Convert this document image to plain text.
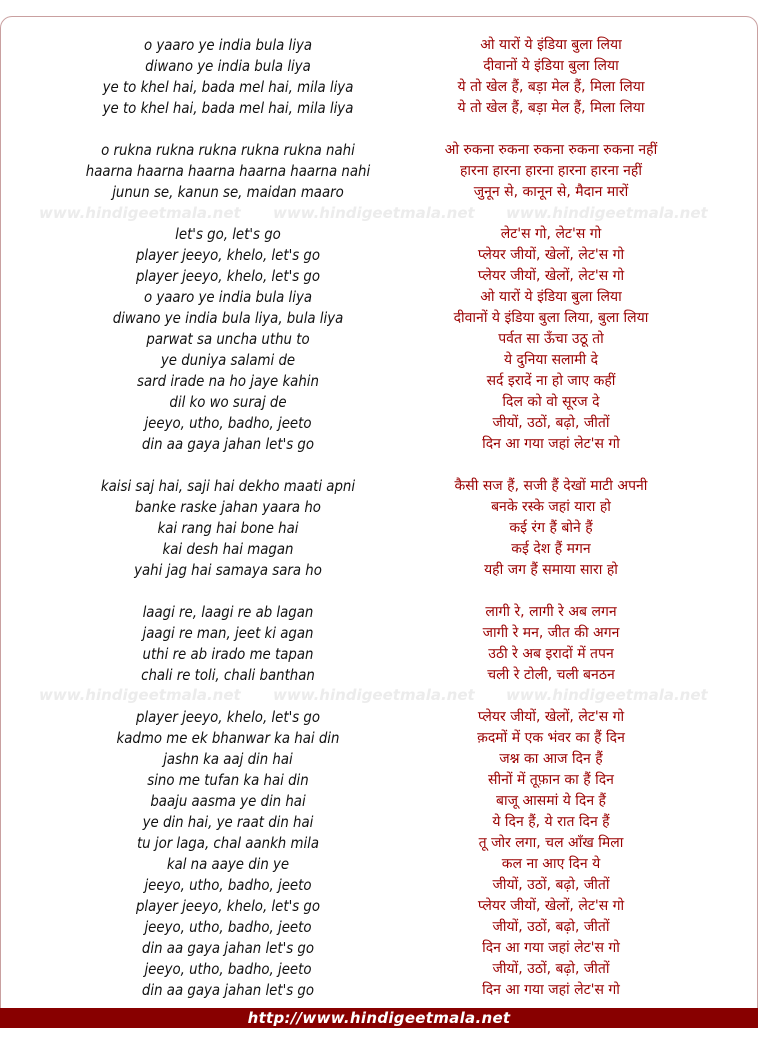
www.hindigeetmala.net www.hindigeetmala.net www.hindigeetmala.net
www.hindigeetmala.net www.hindigeetmala.net www.hindigeetmala.net
o yaaro ye india bula liya
diwano ye india bula liya
ye to khel hai, bada mel hai, mila liya
ye to khel hai, bada mel hai, mila liya
o rukna rukna rukna rukna rukna nahi
haarna haarna haarna haarna haarna nahi
junun se, kanun se, maidan maaro
let's go, let's go
player jeeyo, khelo, let's go
player jeeyo, khelo, let's go
o yaaro ye india bula liya
diwano ye india bula liya, bula liya
parwat sa uncha uthu to
ye duniya salami de
sard irade na ho jaye kahin
dil ko wo suraj de
jeeyo, utho, badho, jeeto
din aa gaya jahan let's go
kaisi saj hai, saji hai dekho maati apni
banke raske jahan yaara ho
kai rang hai bone hai
kai desh hai magan
yahi jag hai samaya sara ho
laagi re, laagi re ab lagan
jaagi re man, jeet ki agan
uthi re ab irado me tapan
chali re toli, chali banthan
player jeeyo, khelo, let's go
kadmo me ek bhanwar ka hai din
jashn ka aaj din hai
sino me tufan ka hai din
baaju aasma ye din hai
ye din hai, ye raat din hai
tu jor laga, chal aankh mila
kal na aaye din ye
jeeyo, utho, badho, jeeto
player jeeyo, khelo, let's go
jeeyo, utho, badho, jeeto
din aa gaya jahan let's go
jeeyo, utho, badho, jeeto
din aa gaya jahan let's go
ओ यारों ये इंडिया बुला लिया
दीवानों ये इंडिया बुला लिया
ये तो खेल हैं, बड़ा मेल हैं, मिला लिया
ये तो खेल हैं, बड़ा मेल हैं, मिला लिया
ओ रुकना रुकना रुकना रुकना रुकना नहीं
हारना हारना हारना हारना हारना नहीं
जुनून से, कानून से, मैदान मारों
लेट'स गो, लेट'स गो
प्लेयर जीयों, खेलों, लेट'स गो
प्लेयर जीयों, खेलों, लेट'स गो
ओ यारों ये इंडिया बुला लिया
दीवानों ये इंडिया बुला लिया, बुला लिया
पर्वत सा ऊँचा उठू तो
ये दुनिया सलामी दे
सर्द इरादें ना हो जाए कहीं
दिल को वो सूरज दे
जीयों, उठों, बढ़ो, जीतों
दिन आ गया जहां लेट'स गो
कैसी सज हैं, सजी हैं देखों माटी अपनी
बनके रस्के जहां यारा हो
कई रंग हैं बोने हैं
कई देश हैं मगन
यही जग हैं समाया सारा हो
लागी रे, लागी रे अब लगन
जागी रे मन, जीत की अगन
उठी रे अब इरादों में तपन
चली रे टोली, चली बनठन
प्लेयर जीयों, खेलों, लेट'स गो
क़दमों में एक भंवर का हैं दिन
जश्न का आज दिन हैं
सीनों में तूफ़ान का हैं दिन
बाजू आसमां ये दिन हैं
ये दिन हैं, ये रात दिन हैं
तू जोर लगा, चल आँख मिला
कल ना आए दिन ये
जीयों, उठों, बढ़ो, जीतों
प्लेयर जीयों, खेलों, लेट'स गो
जीयों, उठों, बढ़ो, जीतों
दिन आ गया जहां लेट'स गो
जीयों, उठों, बढ़ो, जीतों
दिन आ गया जहां लेट'स गो
http://www.hindigeetmala.net
